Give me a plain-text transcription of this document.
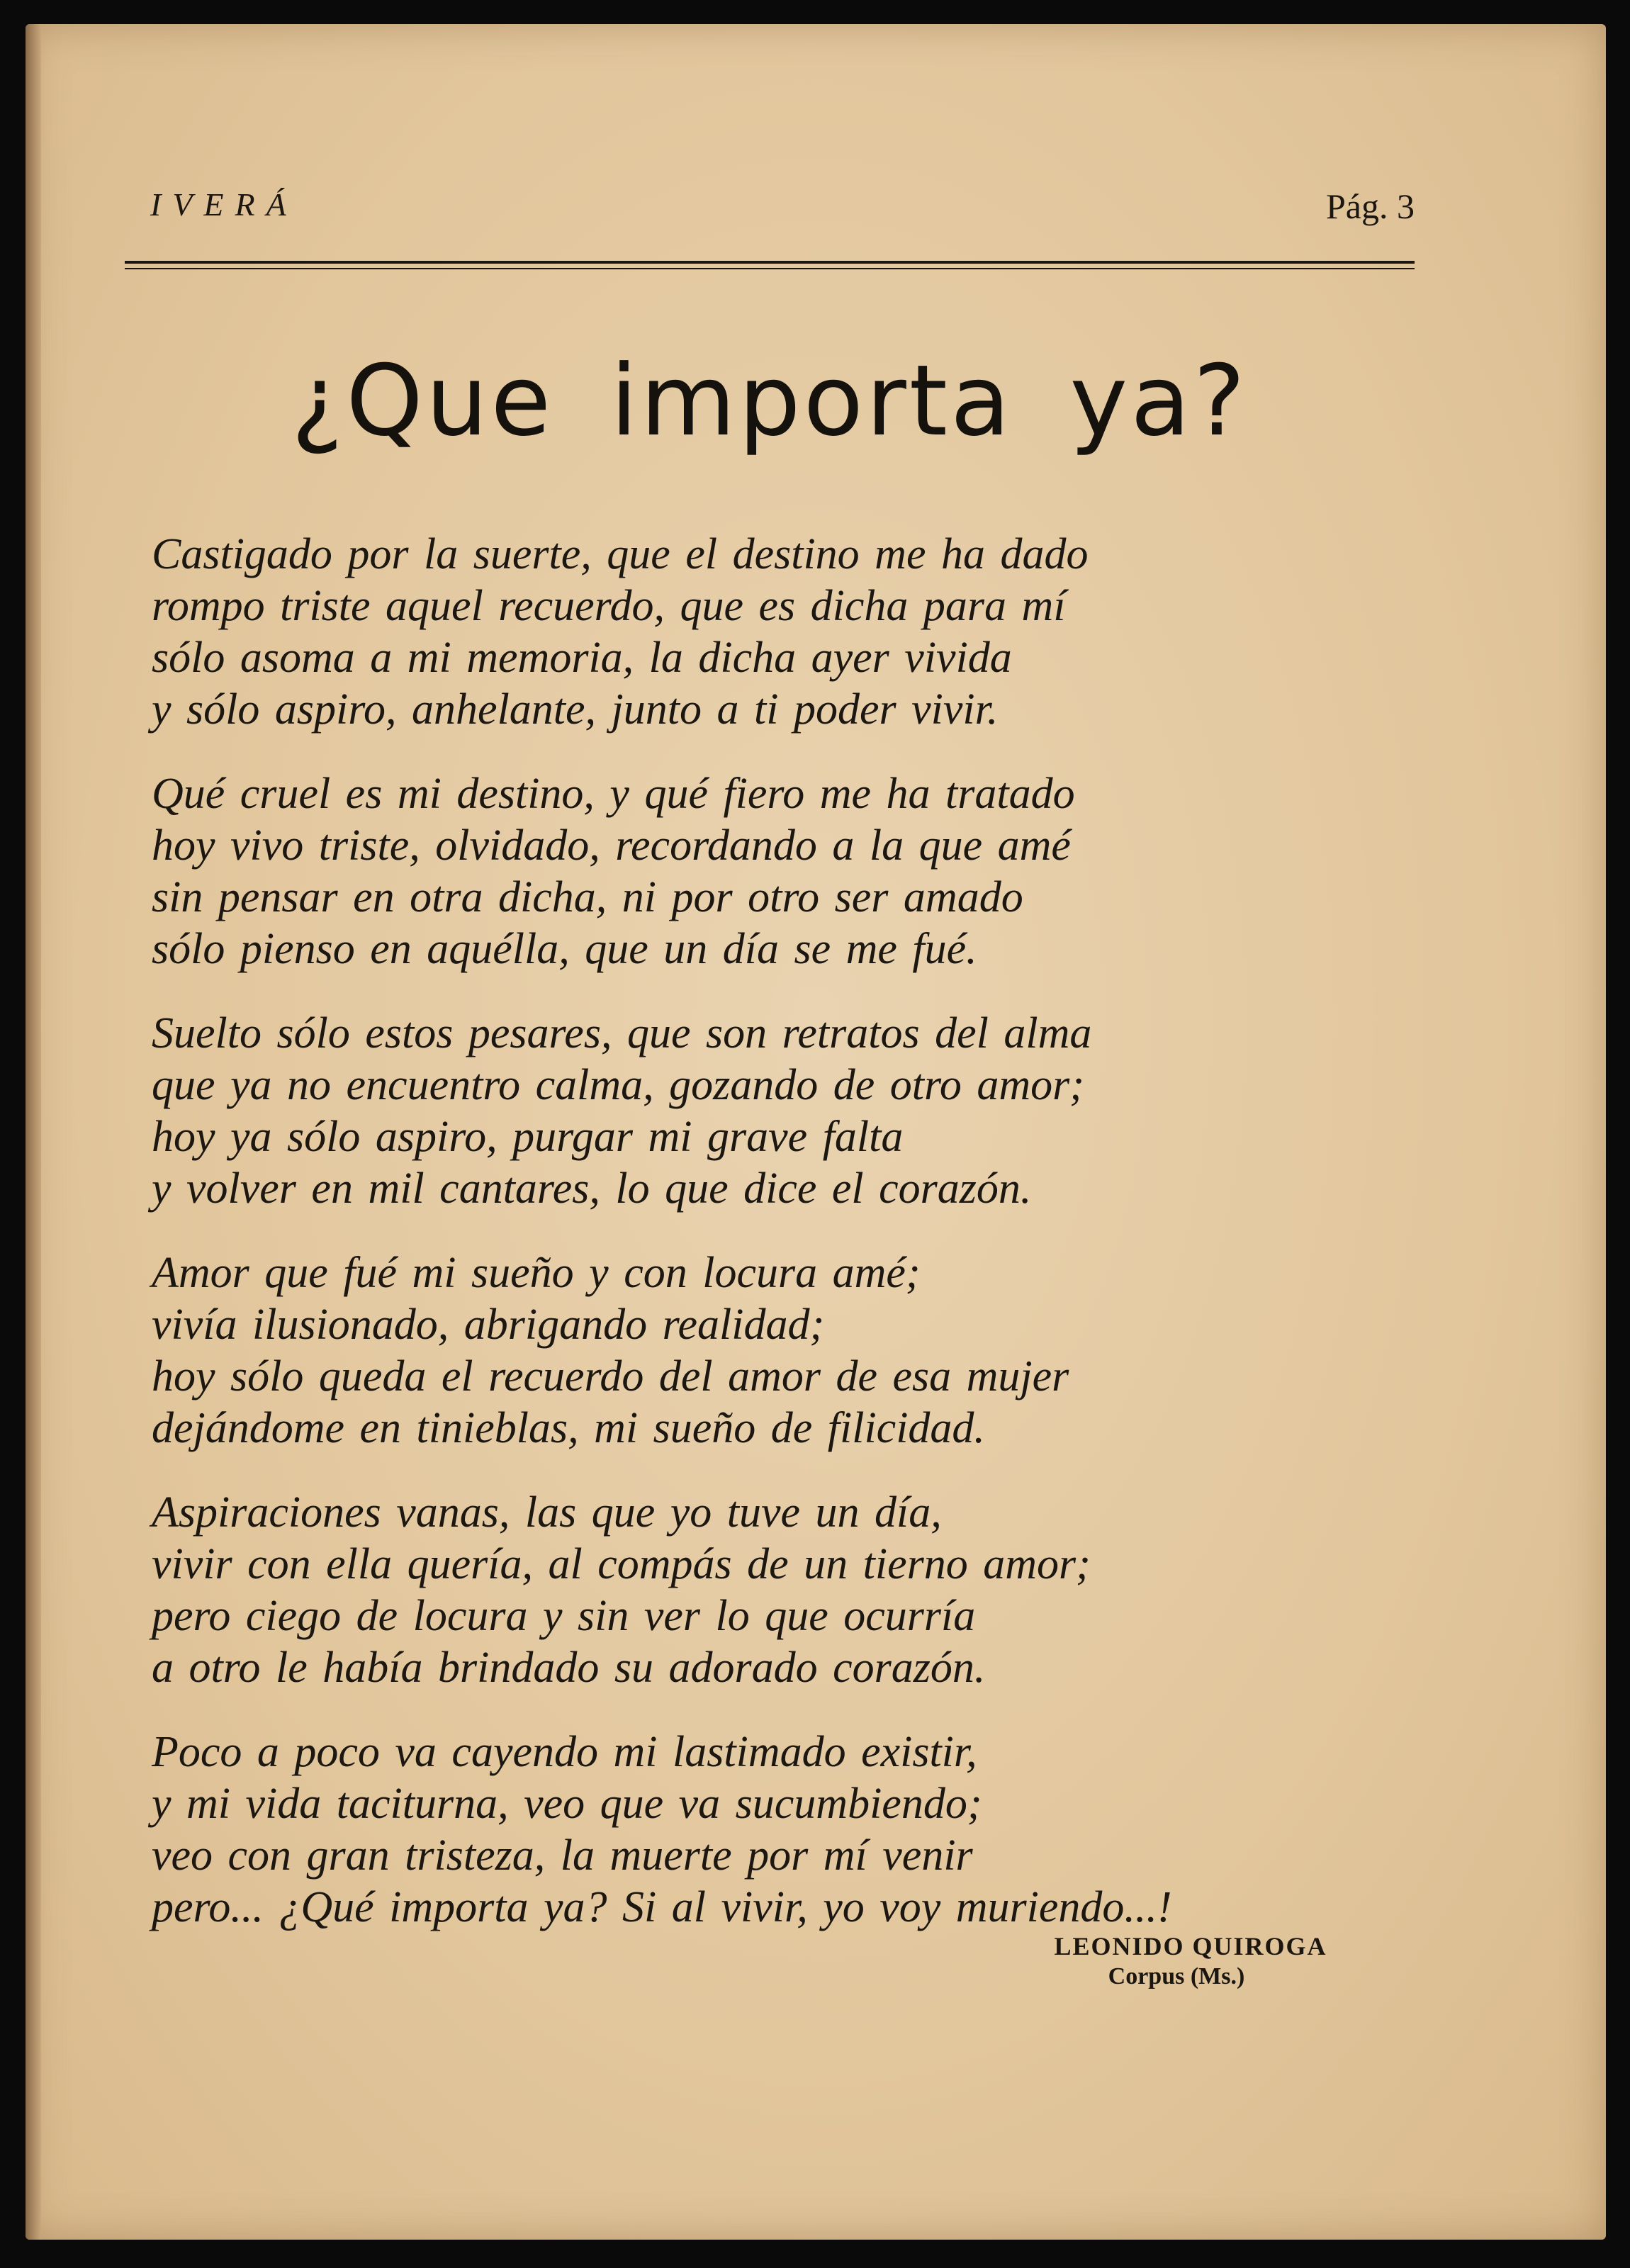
IVERÁ	Pág. 3
¿Que importa ya?
Castigado por la suerte, que el destino me ha dado
rompo triste aquel recuerdo, que es dicha para mí
sólo asoma a mi memoria, la dicha ayer vivida
y sólo aspiro, anhelante, junto a ti poder vivir.
Qué cruel es mi destino, y qué fiero me ha tratado
hoy vivo triste, olvidado, recordando a la que amé
sin pensar en otra dicha, ni por otro ser amado
sólo pienso en aquélla, que un día se me fué.
Suelto sólo estos pesares, que son retratos del alma
que ya no encuentro calma, gozando de otro amor;
hoy ya sólo aspiro, purgar mi grave falta
y volver en mil cantares, lo que dice el corazón.
Amor que fué mi sueño y con locura amé;
vivía ilusionado, abrigando realidad;
hoy sólo queda el recuerdo del amor de esa mujer
dejándome en tinieblas, mi sueño de filicidad.
Aspiraciones vanas, las que yo tuve un día,
vivir con ella quería, al compás de un tierno amor;
pero ciego de locura y sin ver lo que ocurría
a otro le había brindado su adorado corazón.
Poco a poco va cayendo mi lastimado existir,
y mi vida taciturna, veo que va sucumbiendo;
veo con gran tristeza, la muerte por mí venir
pero... ¿Qué importa ya? Si al vivir, yo voy muriendo...!
LEONIDO QUIROGA
Corpus (Ms.)
